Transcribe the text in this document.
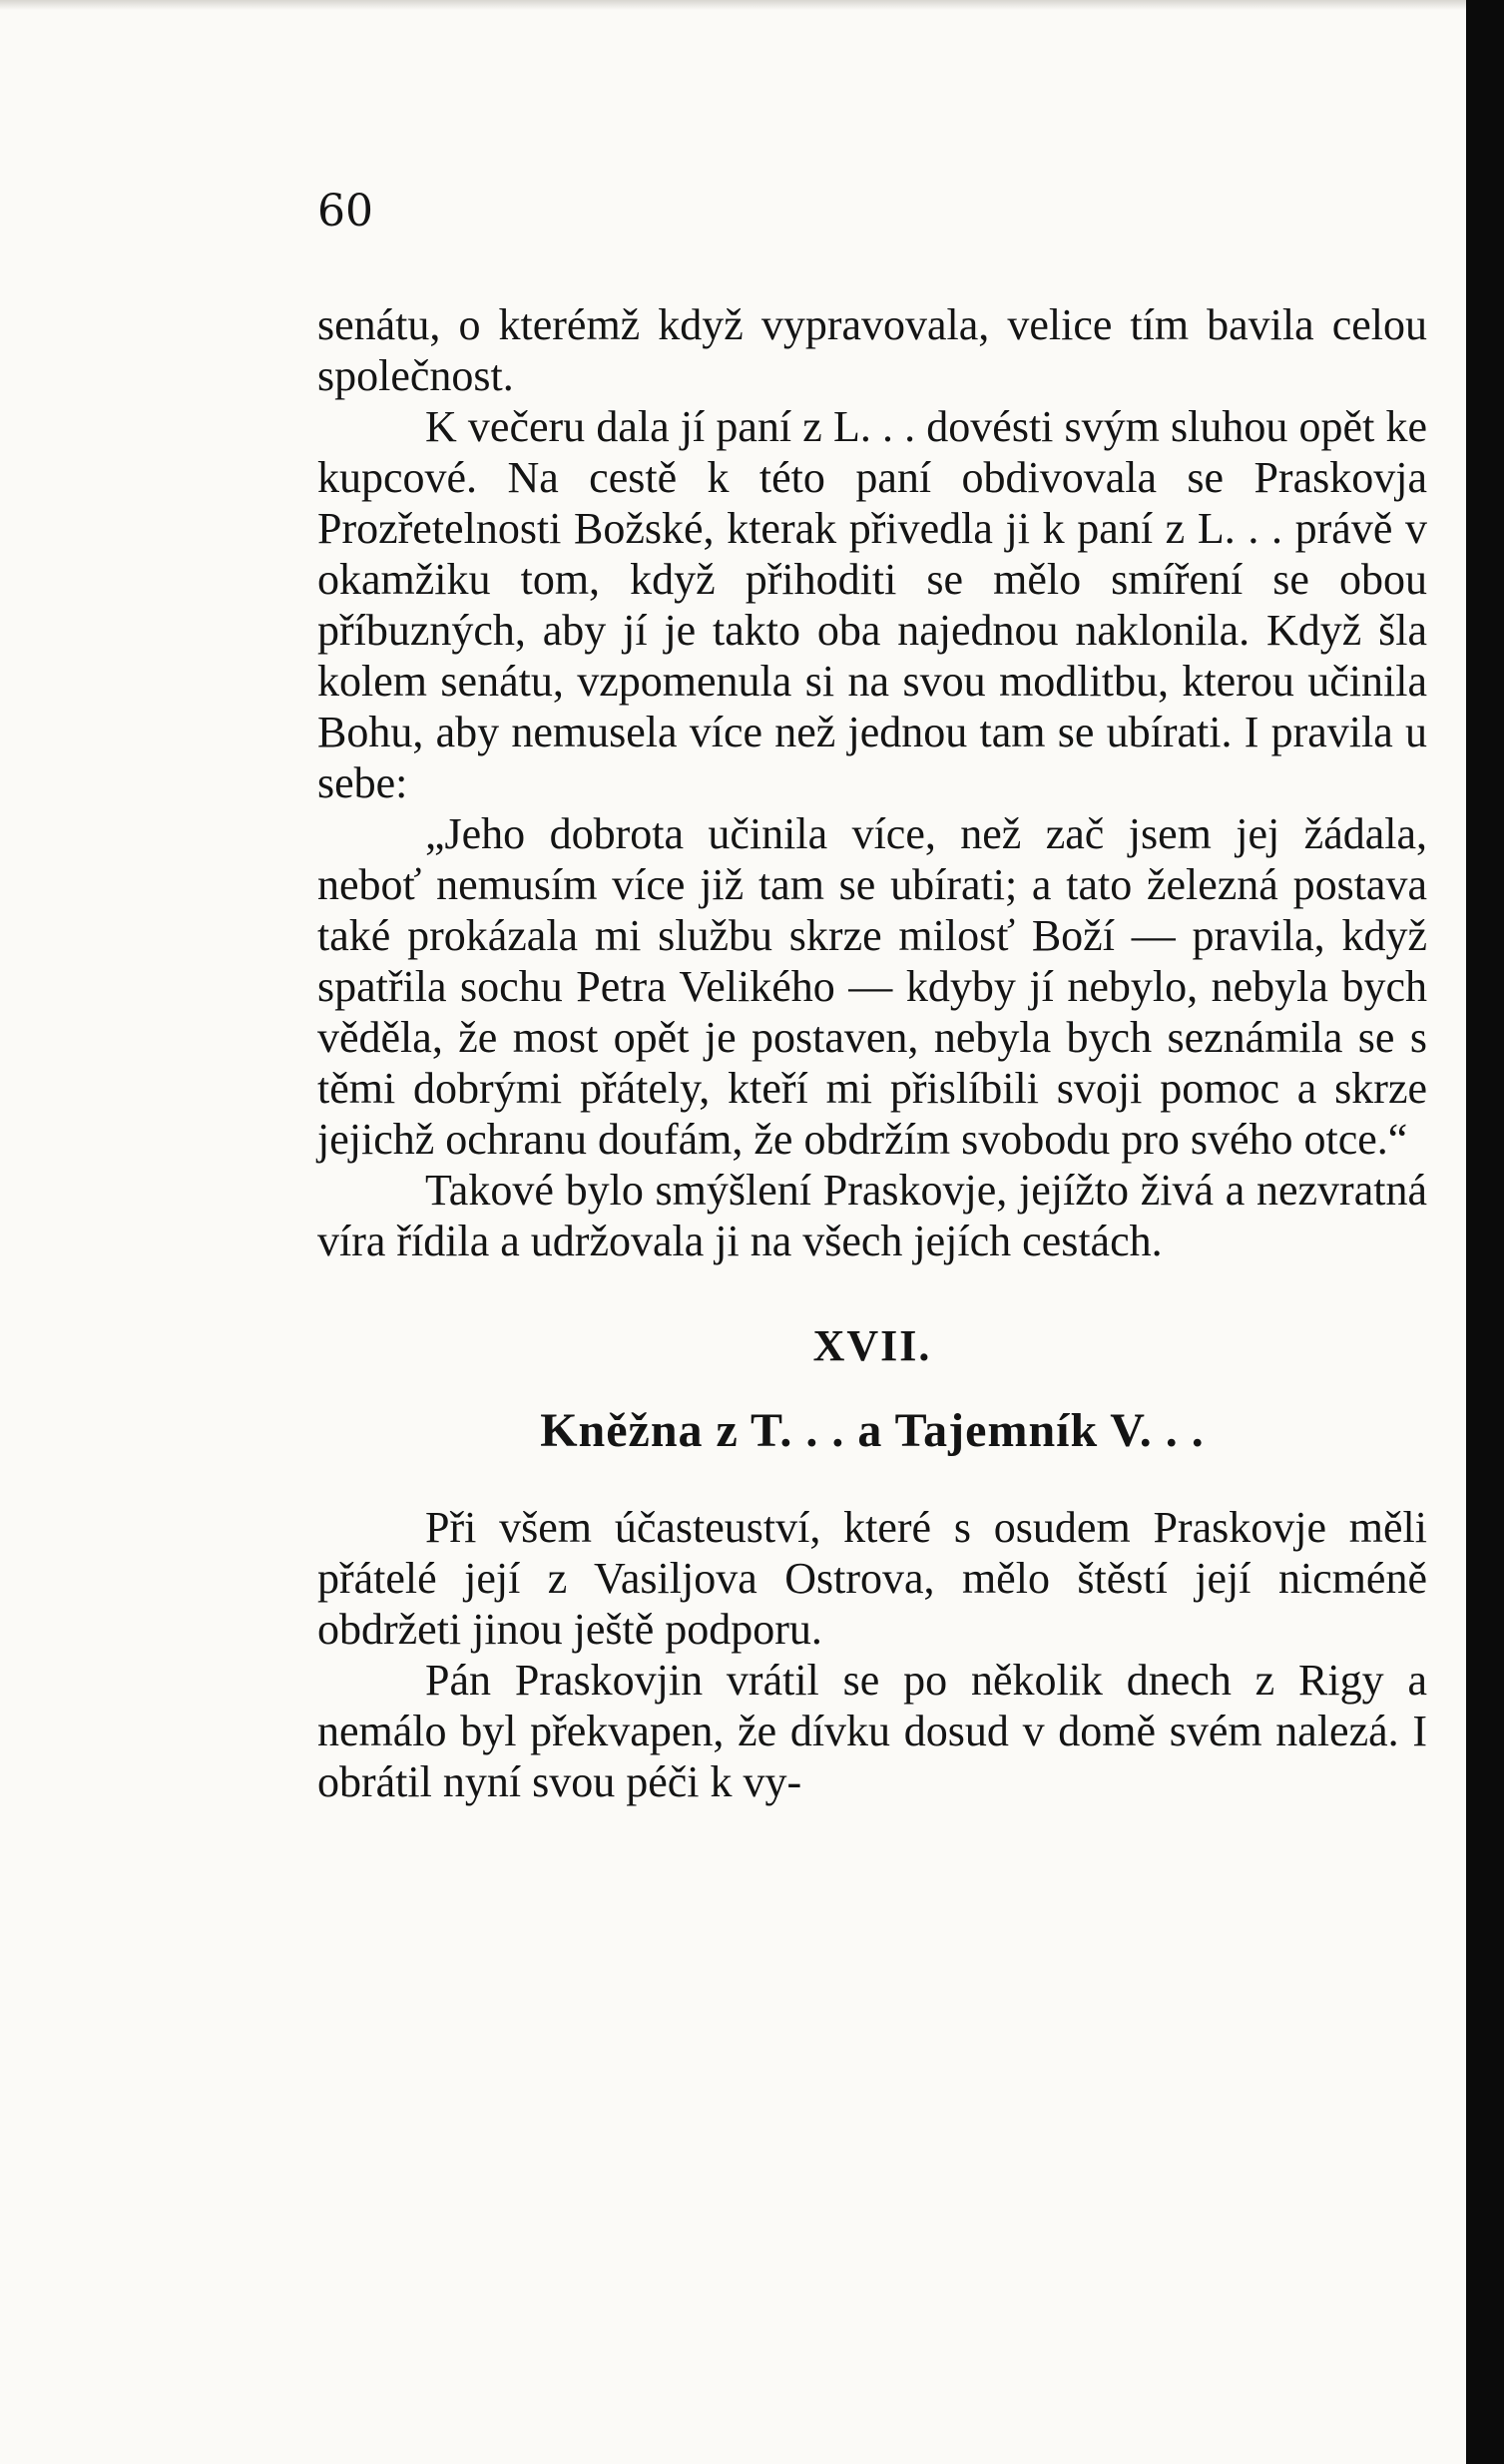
60

senátu, o kterémž když vypravovala, velice tím bavila celou společnost.

K večeru dala jí paní z L. . . dovésti svým sluhou opět ke kupcové. Na cestě k této paní obdivovala se Praskovja Prozřetelnosti Božské, kterak přivedla ji k paní z L. . . právě v okamžiku tom, když přihoditi se mělo smíření se obou příbuzných, aby jí je takto oba najednou naklonila. Když šla kolem senátu, vzpomenula si na svou modlitbu, kterou učinila Bohu, aby nemusela více než jednou tam se ubírati. I pravila u sebe:

„Jeho dobrota učinila více, než zač jsem jej žádala, neboť nemusím více již tam se ubírati; a tato železná postava také prokázala mi službu skrze milosť Boží — pravila, když spatřila sochu Petra Velikého — kdyby jí nebylo, nebyla bych věděla, že most opět je postaven, nebyla bych seznámila se s těmi dobrými přátely, kteří mi přislíbili svoji pomoc a skrze jejichž ochranu doufám, že obdržím svobodu pro svého otce.“

Takové bylo smýšlení Praskovje, jejížto živá a nezvratná víra řídila a udržovala ji na všech jejích cestách.

XVII.

Kněžna z T. . . a Tajemník V. . .

Při všem účasteuství, které s osudem Praskovje měli přátelé její z Vasiljova Ostrova, mělo štěstí její nicméně obdržeti jinou ještě podporu.

Pán Praskovjin vrátil se po několik dnech z Rigy a nemálo byl překvapen, že dívku dosud v domě svém nalezá. I obrátil nyní svou péči k vy-
